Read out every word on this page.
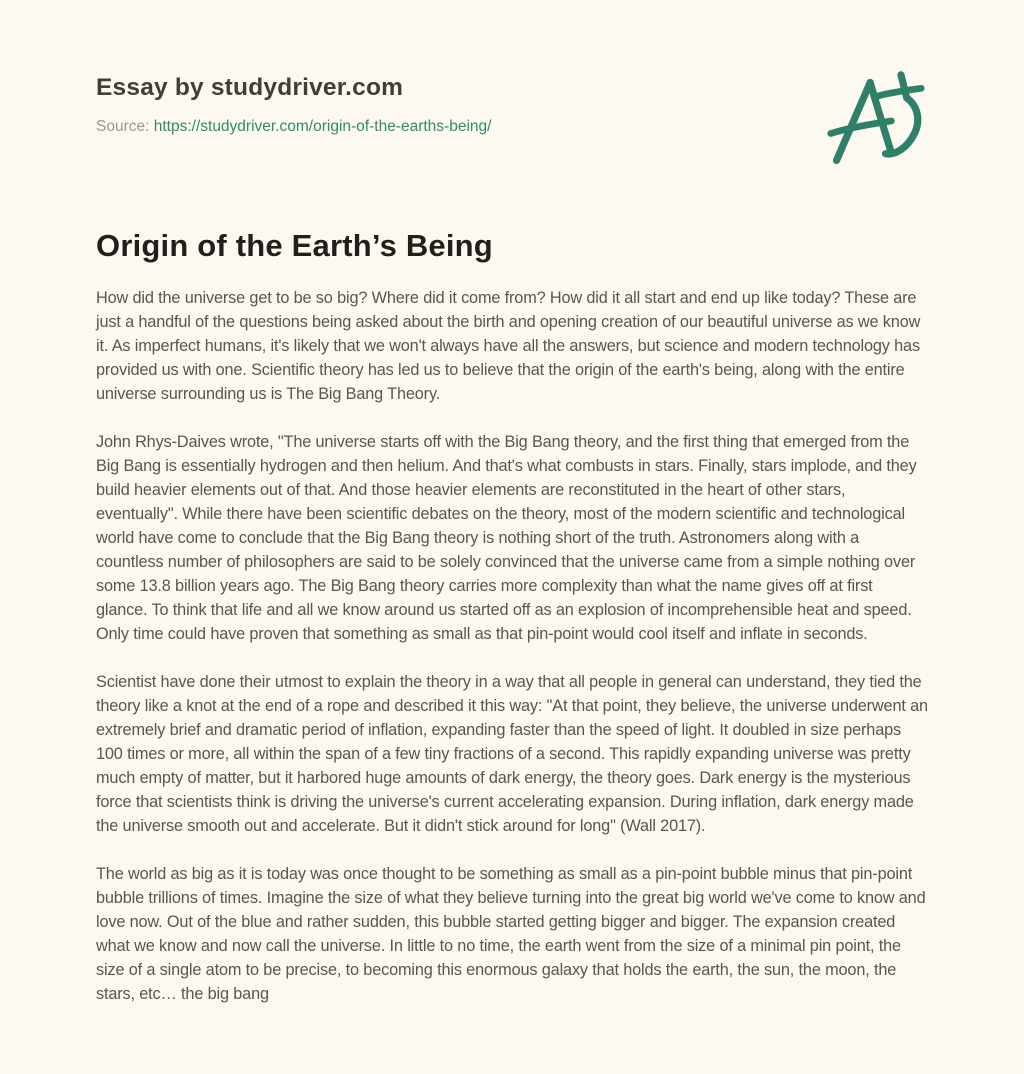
Essay by studydriver.com
Source: https://studydriver.com/origin-of-the-earths-being/
Origin of the Earth’s Being

How did the universe get to be so big? Where did it come from? How did it all start and end up like today? These are just a handful of the questions being asked about the birth and opening creation of our beautiful universe as we know it. As imperfect humans, it's likely that we won't always have all the answers, but science and modern technology has provided us with one. Scientific theory has led us to believe that the origin of the earth's being, along with the entire universe surrounding us is The Big Bang Theory.

John Rhys-Daives wrote, "The universe starts off with the Big Bang theory, and the first thing that emerged from the Big Bang is essentially hydrogen and then helium. And that's what combusts in stars. Finally, stars implode, and they build heavier elements out of that. And those heavier elements are reconstituted in the heart of other stars, eventually". While there have been scientific debates on the theory, most of the modern scientific and technological world have come to conclude that the Big Bang theory is nothing short of the truth. Astronomers along with a countless number of philosophers are said to be solely convinced that the universe came from a simple nothing over some 13.8 billion years ago. The Big Bang theory carries more complexity than what the name gives off at first glance. To think that life and all we know around us started off as an explosion of incomprehensible heat and speed. Only time could have proven that something as small as that pin-point would cool itself and inflate in seconds.

Scientist have done their utmost to explain the theory in a way that all people in general can understand, they tied the theory like a knot at the end of a rope and described it this way: "At that point, they believe, the universe underwent an extremely brief and dramatic period of inflation, expanding faster than the speed of light. It doubled in size perhaps 100 times or more, all within the span of a few tiny fractions of a second. This rapidly expanding universe was pretty much empty of matter, but it harbored huge amounts of dark energy, the theory goes. Dark energy is the mysterious force that scientists think is driving the universe's current accelerating expansion. During inflation, dark energy made the universe smooth out and accelerate. But it didn't stick around for long" (Wall 2017).

The world as big as it is today was once thought to be something as small as a pin-point bubble minus that pin-point bubble trillions of times. Imagine the size of what they believe turning into the great big world we've come to know and love now. Out of the blue and rather sudden, this bubble started getting bigger and bigger. The expansion created what we know and now call the universe. In little to no time, the earth went from the size of a minimal pin point, the size of a single atom to be precise, to becoming this enormous galaxy that holds the earth, the sun, the moon, the stars, etc… the big bang
